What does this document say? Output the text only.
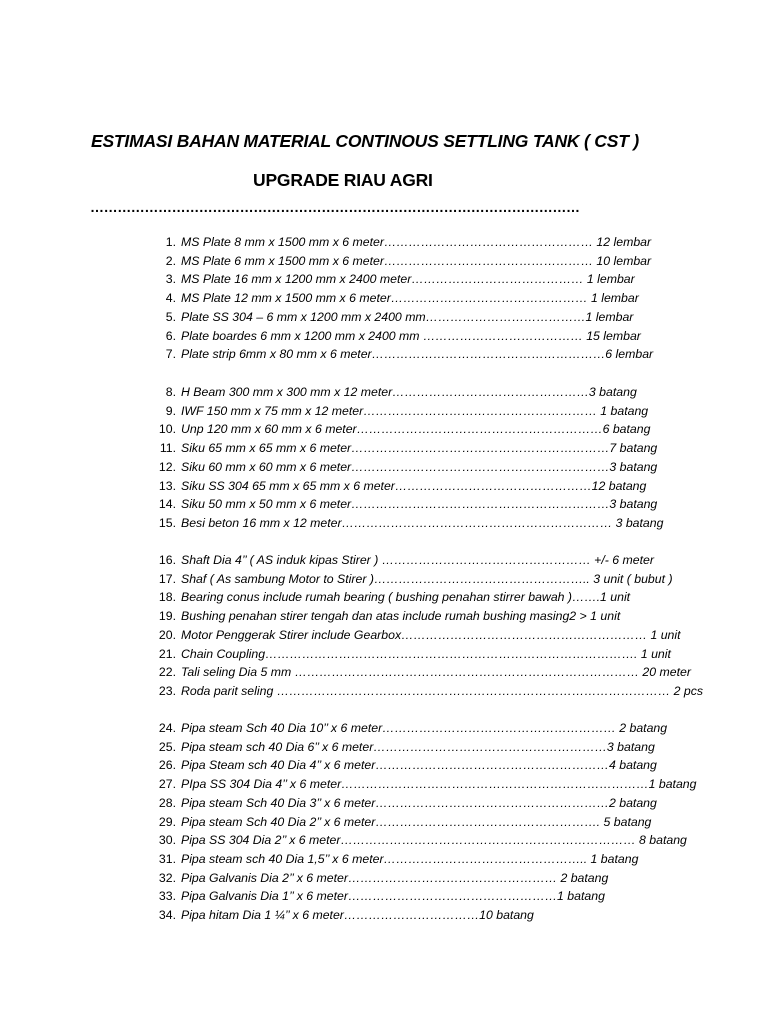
ESTIMASI BAHAN MATERIAL CONTINOUS SETTLING TANK ( CST )
UPGRADE RIAU AGRI
………………………………………………………………………………………………
1. MS Plate 8 mm x 1500 mm x 6 meter…………………………………………… 12 lembar
2. MS Plate 6 mm x 1500 mm x 6 meter…………………………………………… 10 lembar
3. MS Plate 16 mm x 1200 mm x 2400 meter…………………………………… 1 lembar
4. MS Plate 12 mm x 1500 mm x 6 meter………………………………………… 1 lembar
5. Plate SS 304 – 6 mm x 1200 mm x 2400 mm…………………………………1 lembar
6. Plate boardes 6 mm x 1200 mm x 2400 mm ………………………………… 15 lembar
7. Plate strip 6mm x 80 mm x 6 meter…………………………………………………6 lembar
8. H Beam 300 mm x 300 mm x 12 meter…………………………………………3 batang
9. IWF 150 mm x 75 mm x 12 meter………………………………………………… 1 batang
10. Unp 120 mm x 60 mm x 6 meter……………………………………………………6 batang
11. Siku 65 mm x 65 mm x 6 meter………………………………………………………7 batang
12. Siku 60 mm x 60 mm x 6 meter………………………………………………………3 batang
13. Siku SS 304 65 mm x 65 mm x 6 meter…………………………………………12 batang
14. Siku 50 mm x 50 mm x 6 meter………………………………………………………3 batang
15. Besi beton 16 mm x 12 meter………………………………………………………… 3 batang
16. Shaft Dia 4’’ ( AS induk kipas Stirer ) …………………………………………… +/- 6 meter
17. Shaf ( As sambung Motor to Stirer )…………………………………………….. 3 unit ( bubut )
18. Bearing conus include rumah bearing ( bushing penahan stirrer bawah )…….1 unit
19. Bushing penahan stirer tengah dan atas include rumah bushing masing2 > 1 unit
20. Motor Penggerak Stirer include Gearbox…………………………………………………… 1 unit
21. Chain Coupling………………………………………………………………………………. 1 unit
22. Tali seling Dia 5 mm ………………………………………………………………………… 20 meter
23. Roda parit seling …………………………………………………………………………………… 2 pcs
24. Pipa steam Sch 40 Dia 10’’ x 6 meter………………………………………………… 2 batang
25. Pipa steam sch 40 Dia 6’’ x 6 meter…………………………………………………3 batang
26. Pipa Steam sch 40 Dia 4’’ x 6 meter…………………………………………………4 batang
27. PIpa SS 304 Dia 4’’ x 6 meter…………………………………………………………………1 batang
28. Pipa steam Sch 40 Dia 3’’ x 6 meter…………………………………………………2 batang
29. Pipa steam Sch 40 Dia 2’’ x 6 meter………………………………………………. 5 batang
30. Pipa SS 304 Dia 2’’ x 6 meter……………………………………………………………… 8 batang
31. Pipa steam sch 40 Dia 1,5’’ x 6 meter………………………………………….. 1 batang
32. Pipa Galvanis Dia 2’’ x 6 meter…………………………………………… 2 batang
33. Pipa Galvanis Dia 1’’ x 6 meter……………………………………………1 batang
34. Pipa hitam Dia 1 ¼’’ x 6 meter……………………………10 batang
